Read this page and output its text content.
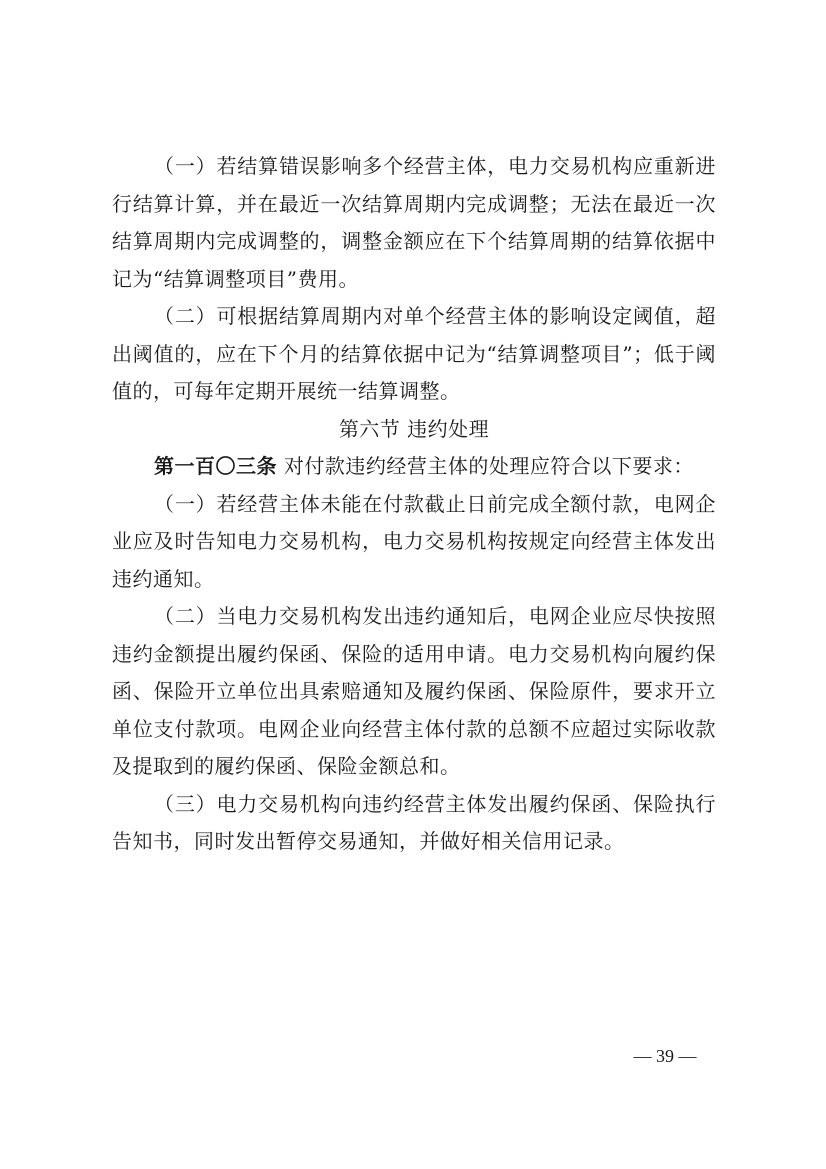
（一）若结算错误影响多个经营主体，电力交易机构应重新进行结算计算，并在最近一次结算周期内完成调整；无法在最近一次结算周期内完成调整的，调整金额应在下个结算周期的结算依据中记为“结算调整项目”费用。

（二）可根据结算周期内对单个经营主体的影响设定阈值，超出阈值的，应在下个月的结算依据中记为“结算调整项目”；低于阈值的，可每年定期开展统一结算调整。

第六节 违约处理

第一百〇三条 对付款违约经营主体的处理应符合以下要求：

（一）若经营主体未能在付款截止日前完成全额付款，电网企业应及时告知电力交易机构，电力交易机构按规定向经营主体发出违约通知。

（二）当电力交易机构发出违约通知后，电网企业应尽快按照违约金额提出履约保函、保险的适用申请。电力交易机构向履约保函、保险开立单位出具索赔通知及履约保函、保险原件，要求开立单位支付款项。电网企业向经营主体付款的总额不应超过实际收款及提取到的履约保函、保险金额总和。

（三）电力交易机构向违约经营主体发出履约保函、保险执行告知书，同时发出暂停交易通知，并做好相关信用记录。

— 39 —
